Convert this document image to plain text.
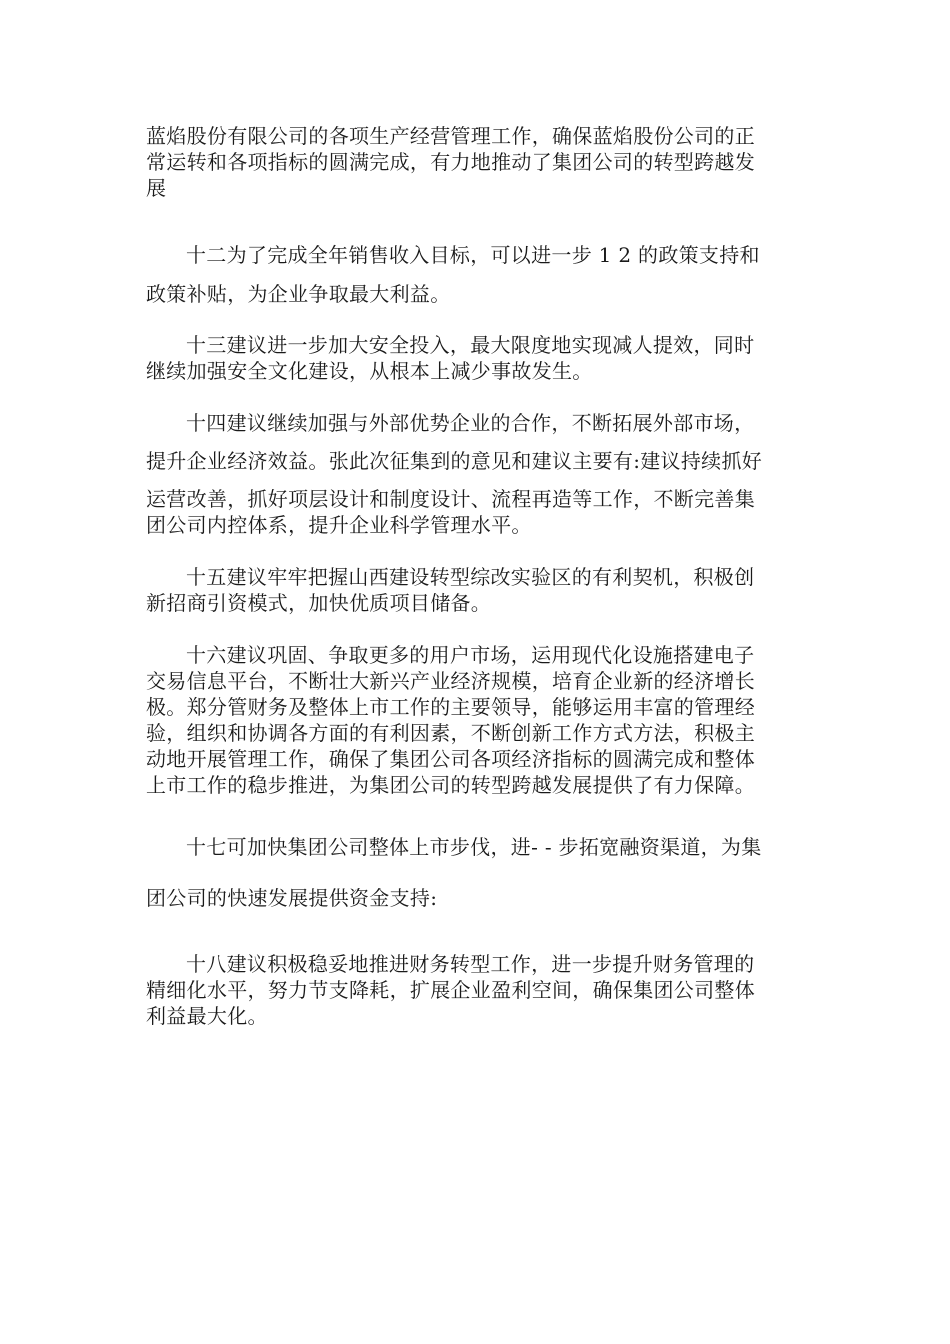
蓝焰股份有限公司的各项生产经营管理工作，确保蓝焰股份公司的正
常运转和各项指标的圆满完成，有力地推动了集团公司的转型跨越发
展
十二为了完成全年销售收入目标，可以进一步 1 2 的政策支持和
政策补贴，为企业争取最大利益。
十三建议进一步加大安全投入，最大限度地实现减人提效，同时
继续加强安全文化建设，从根本上减少事故发生。
十四建议继续加强与外部优势企业的合作，不断拓展外部市场，
提升企业经济效益。张此次征集到的意见和建议主要有:建议持续抓好
运营改善，抓好项层设计和制度设计、流程再造等工作，不断完善集
团公司内控体系，提升企业科学管理水平。
十五建议牢牢把握山西建设转型综改实验区的有利契机，积极创
新招商引资模式，加快优质项目储备。
十六建议巩固、争取更多的用户市场，运用现代化设施搭建电子
交易信息平台，不断壮大新兴产业经济规模，培育企业新的经济增长
极。郑分管财务及整体上市工作的主要领导，能够运用丰富的管理经
验，组织和协调各方面的有利因素，不断创新工作方式方法，积极主
动地开展管理工作，确保了集团公司各项经济指标的圆满完成和整体
上市工作的稳步推进，为集团公司的转型跨越发展提供了有力保障。
十七可加快集团公司整体上市步伐，进- - 步拓宽融资渠道，为集
团公司的快速发展提供资金支持:
十八建议积极稳妥地推进财务转型工作，进一步提升财务管理的
精细化水平，努力节支降耗，扩展企业盈利空间，确保集团公司整体
利益最大化。
